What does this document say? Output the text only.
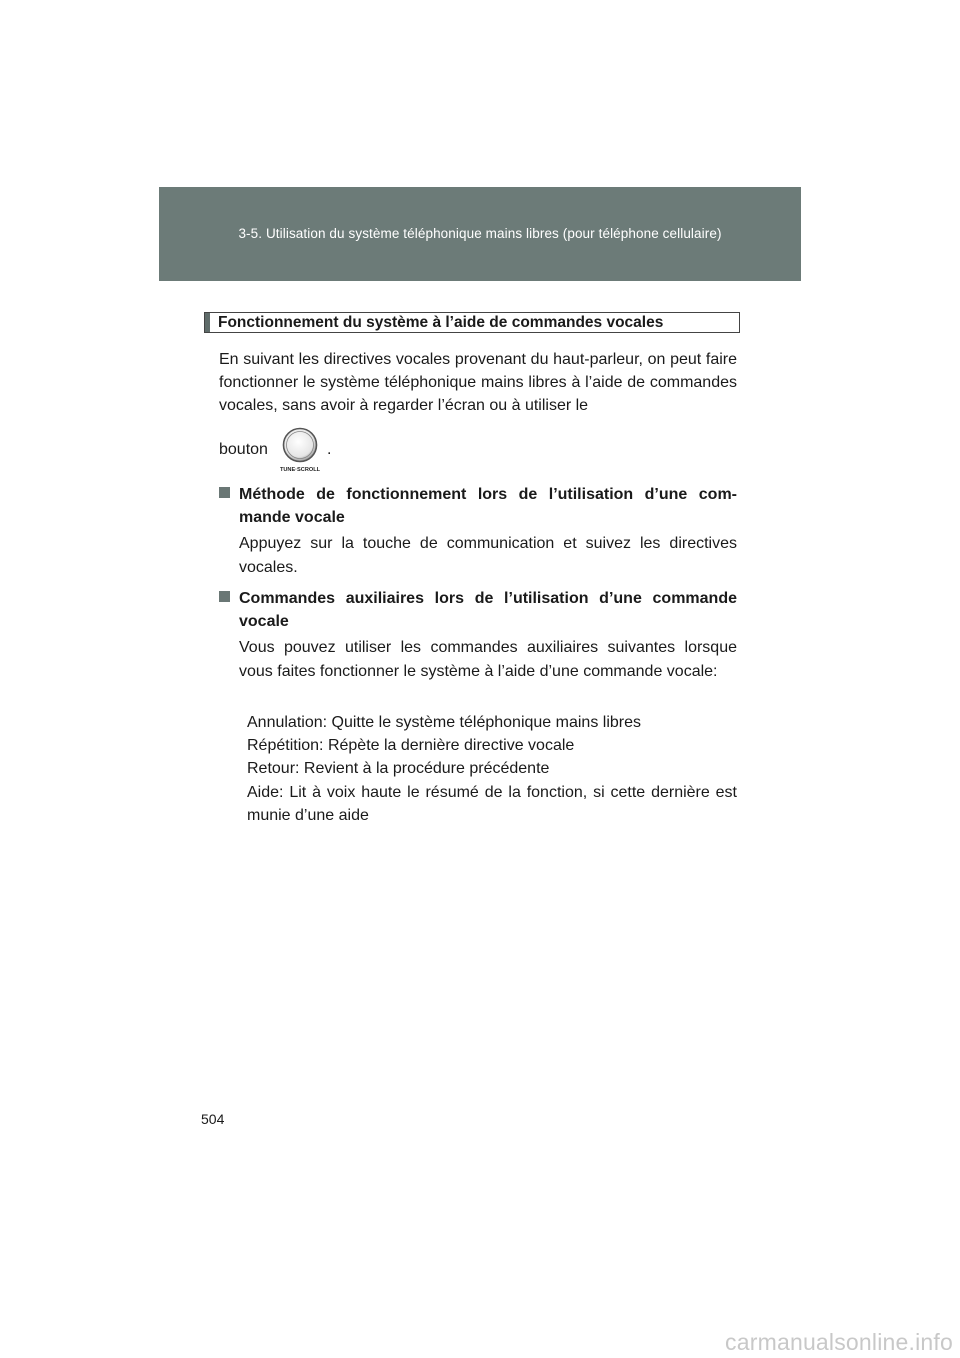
3-5. Utilisation du système téléphonique mains libres (pour téléphone cellulaire)
Fonctionnement du système à l’aide de commandes vocales
En suivant les directives vocales provenant du haut-parleur, on peut faire fonctionner le système téléphonique mains libres à l’aide de commandes vocales, sans avoir à regarder l’écran ou à utiliser le
bouton
TUNE·SCROLL
.
Méthode de fonctionnement lors de l’utilisation d’une com-mande vocale
Appuyez sur la touche de communication et suivez les directives vocales.
Commandes auxiliaires lors de l’utilisation d’une commande vocale
Vous pouvez utiliser les commandes auxiliaires suivantes lorsque vous faites fonctionner le système à l’aide d’une commande vocale:
Annulation: Quitte le système téléphonique mains libres
Répétition: Répète la dernière directive vocale
Retour: Revient à la procédure précédente
Aide: Lit à voix haute le résumé de la fonction, si cette dernière est munie d’une aide
504
carmanualsonline.info
